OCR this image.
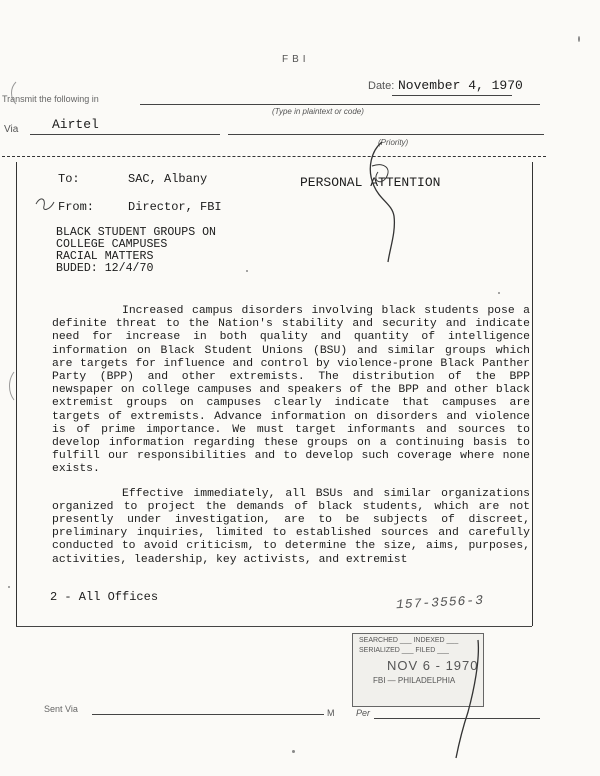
FBI
Date: November 4, 1970
Transmit the following in
(Type in plaintext or code)
Via	Airtel
(Priority)
To:	SAC, Albany	PERSONAL ATTENTION
From:	Director, FBI
BLACK STUDENT GROUPS ON
COLLEGE CAMPUSES
RACIAL MATTERS
BUDED: 12/4/70

Increased campus disorders involving black students pose a definite threat to the Nation's stability and security and indicate need for increase in both quality and quantity of intelligence information on Black Student Unions (BSU) and similar groups which are targets for influence and control by violence-prone Black Panther Party (BPP) and other extremists. The distribution of the BPP newspaper on college campuses and speakers of the BPP and other black extremist groups on campuses clearly indicate that campuses are targets of extremists. Advance information on disorders and violence is of prime importance. We must target informants and sources to develop information regarding these groups on a continuing basis to fulfill our responsibilities and to develop such coverage where none exists.

Effective immediately, all BSUs and similar organizations organized to project the demands of black students, which are not presently under investigation, are to be subjects of discreet, preliminary inquiries, limited to established sources and carefully conducted to avoid criticism, to determine the size, aims, purposes, activities, leadership, key activists, and extremist

2 - All Offices	157-3556-3
SEARCHED ___ INDEXED ___
SERIALIZED ___ FILED ___
NOV 6 - 1970
FBI — PHILADELPHIA
Sent Via	M Per
